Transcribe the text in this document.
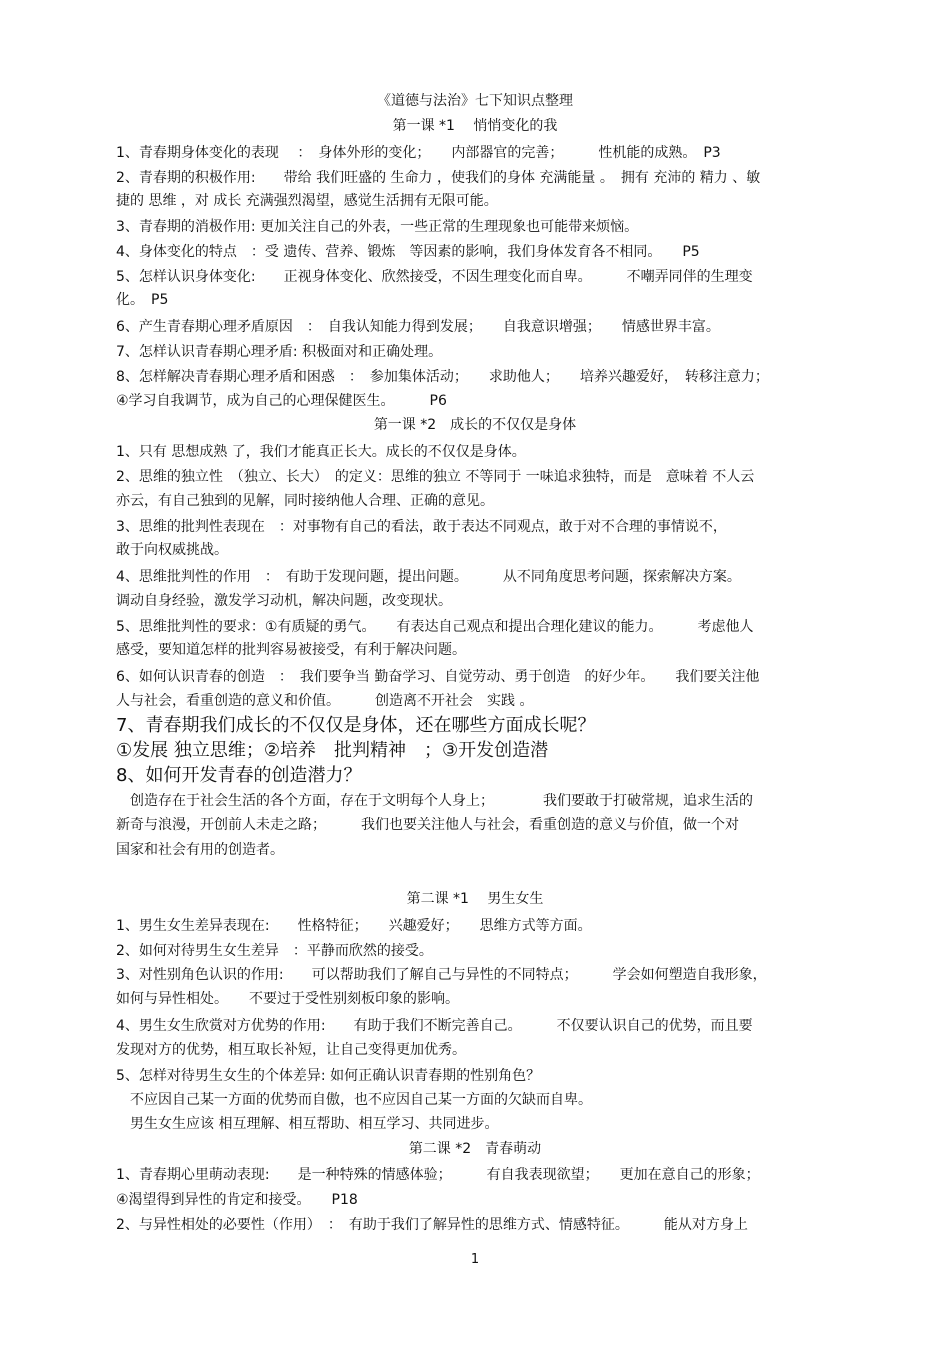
《道德与法治》七下知识点整理
第一课 *1　 悄悄变化的我
1、青春期身体变化的表现　 ：　身体外形的变化；　　内部器官的完善；　　　性机能的成熟。　P3
2、青春期的积极作用:　　带给 我们旺盛的 生命力 ，使我们的身体 充满能量 。　拥有 充沛的 精力 、敏
捷的 思维 ，对 成长 充满强烈渴望，感觉生活拥有无限可能。
3、青春期的消极作用: 更加关注自己的外表，一些正常的生理现象也可能带来烦恼。
4、身体变化的特点　：受 遗传、营养、锻炼　等因素的影响，我们身体发育各不相同。　　P5
5、怎样认识身体变化:　　正视身体变化、欣然接受，不因生理变化而自卑。　　　不嘲弄同伴的生理变
化。　P5
6、产生青春期心理矛盾原因　：　自我认知能力得到发展；　　自我意识增强；　　情感世界丰富。
7、怎样认识青春期心理矛盾: 积极面对和正确处理。
8、怎样解决青春期心理矛盾和困惑　：　参加集体活动；　　求助他人；　　培养兴趣爱好，　转移注意力；
④学习自我调节，成为自己的心理保健医生。　　　P6
第一课 *2　成长的不仅仅是身体
1、只有 思想成熟 了，我们才能真正长大。成长的不仅仅是身体。
2、思维的独立性　（独立、长大）　的定义：思维的独立 不等同于 一味追求独特，而是　意味着 不人云
亦云，有自己独到的见解，同时接纳他人合理、正确的意见。
3、思维的批判性表现在　：对事物有自己的看法，敢于表达不同观点，敢于对不合理的事情说不，
敢于向权威挑战。
4、思维批判性的作用　：　有助于发现问题，提出问题。　　　从不同角度思考问题，探索解决方案。
调动自身经验，激发学习动机，解决问题，改变现状。
5、思维批判性的要求：①有质疑的勇气。　　有表达自己观点和提出合理化建议的能力。　　　考虑他人
感受，要知道怎样的批判容易被接受，有利于解决问题。
6、如何认识青春的创造　：　我们要争当 勤奋学习、自觉劳动、勇于创造　的好少年。　　我们要关注他
人与社会，看重创造的意义和价值。　　　创造离不开社会　实践 。
7、青春期我们成长的不仅仅是身体，还在哪些方面成长呢？
①发展 独立思维；②培养　批判精神　；③开发创造潜
8、如何开发青春的创造潜力？
创造存在于社会生活的各个方面，存在于文明每个人身上；　　　　我们要敢于打破常规，追求生活的
新奇与浪漫，开创前人未走之路；　　　我们也要关注他人与社会，看重创造的意义与价值，做一个对
国家和社会有用的创造者。
第二课 *1　 男生女生
1、男生女生差异表现在:　　性格特征；　　兴趣爱好；　　思维方式等方面。
2、如何对待男生女生差异　：平静而欣然的接受。
3、对性别角色认识的作用:　　可以帮助我们了解自己与异性的不同特点；　　　学会如何塑造自我形象，
如何与异性相处。　　不要过于受性别刻板印象的影响。
4、男生女生欣赏对方优势的作用:　　有助于我们不断完善自己。　　　不仅要认识自己的优势，而且要
发现对方的优势，相互取长补短，让自己变得更加优秀。
5、怎样对待男生女生的个体差异: 如何正确认识青春期的性别角色？
不应因自己某一方面的优势而自傲，也不应因自己某一方面的欠缺而自卑。
男生女生应该 相互理解、相互帮助、相互学习、共同进步。
第二课 *2　青春萌动
1、青春期心里萌动表现:　　是一种特殊的情感体验；　　　有自我表现欲望；　　更加在意自己的形象；
④渴望得到异性的肯定和接受。　　P18
2、与异性相处的必要性（作用）　：　有助于我们了解异性的思维方式、情感特征。　　　能从对方身上
1
